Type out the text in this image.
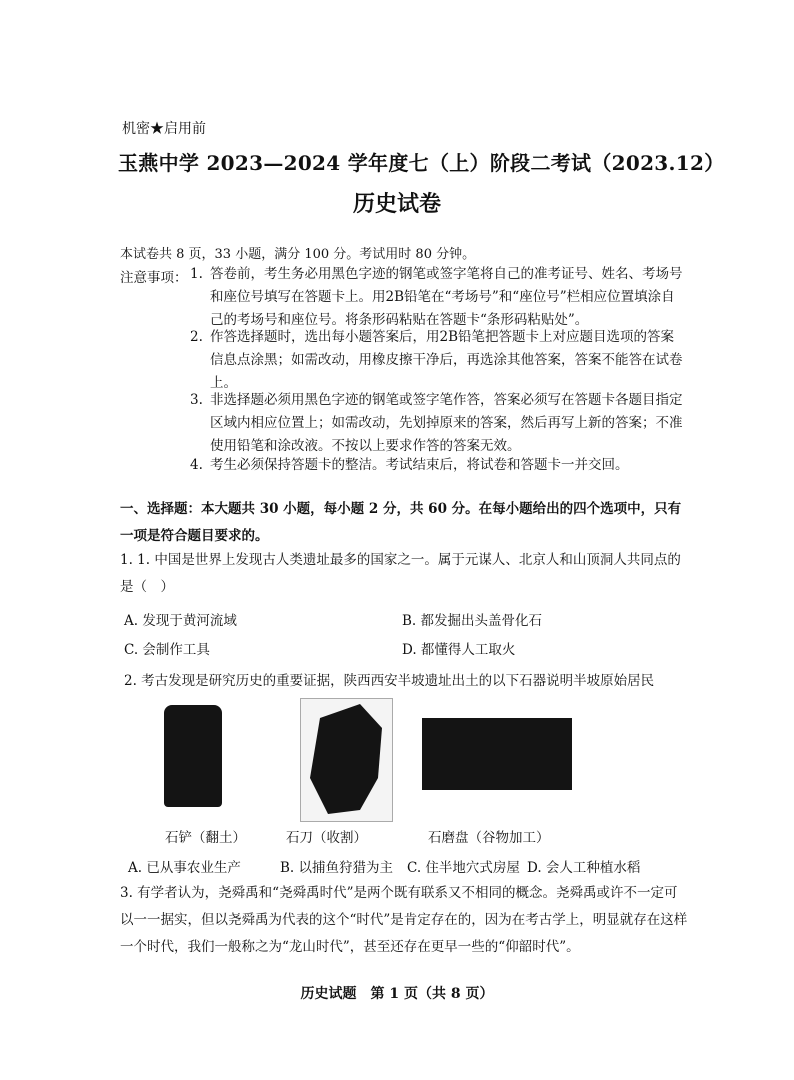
机密★启用前
玉燕中学 2023—2024 学年度七（上）阶段二考试（2023.12）
历史试卷
本试卷共 8 页，33 小题，满分 100 分。考试用时 80 分钟。
注意事项： 1. 答卷前，考生务必用黑色字迹的钢笔或签字笔将自己的准考证号、姓名、考场号和座位号填写在答题卡上。用2B铅笔在“考场号”和“座位号”栏相应位置填涂自己的考场号和座位号。将条形码粘贴在答题卡“条形码粘贴处”。
2. 作答选择题时，选出每小题答案后，用2B铅笔把答题卡上对应题目选项的答案信息点涂黑；如需改动，用橡皮擦干净后，再选涂其他答案，答案不能答在试卷上。
3. 非选择题必须用黑色字迹的钢笔或签字笔作答，答案必须写在答题卡各题目指定区域内相应位置上；如需改动，先划掉原来的答案，然后再写上新的答案；不准使用铅笔和涂改液。不按以上要求作答的答案无效。
4. 考生必须保持答题卡的整洁。考试结束后，将试卷和答题卡一并交回。
一、选择题：本大题共 30 小题，每小题 2 分，共 60 分。在每小题给出的四个选项中，只有一项是符合题目要求的。
1. 1. 中国是世界上发现古人类遗址最多的国家之一。属于元谋人、北京人和山顶洞人共同点的是（　）
A. 发现于黄河流域	B. 都发掘出头盖骨化石
C. 会制作工具	D. 都懂得人工取火
2. 考古发现是研究历史的重要证据，陕西西安半坡遗址出土的以下石器说明半坡原始居民
石铲（翻土）	石刀（收割）	石磨盘（谷物加工）
A. 已从事农业生产	B. 以捕鱼狩猎为主 C. 住半地穴式房屋 D. 会人工种植水稻
3. 有学者认为，尧舜禹和“尧舜禹时代”是两个既有联系又不相同的概念。尧舜禹或许不一定可以一一据实，但以尧舜禹为代表的这个“时代”是肯定存在的，因为在考古学上，明显就存在这样一个时代，我们一般称之为“龙山时代”，甚至还存在更早一些的“仰韶时代”。
历史试题　第 1 页（共 8 页）
